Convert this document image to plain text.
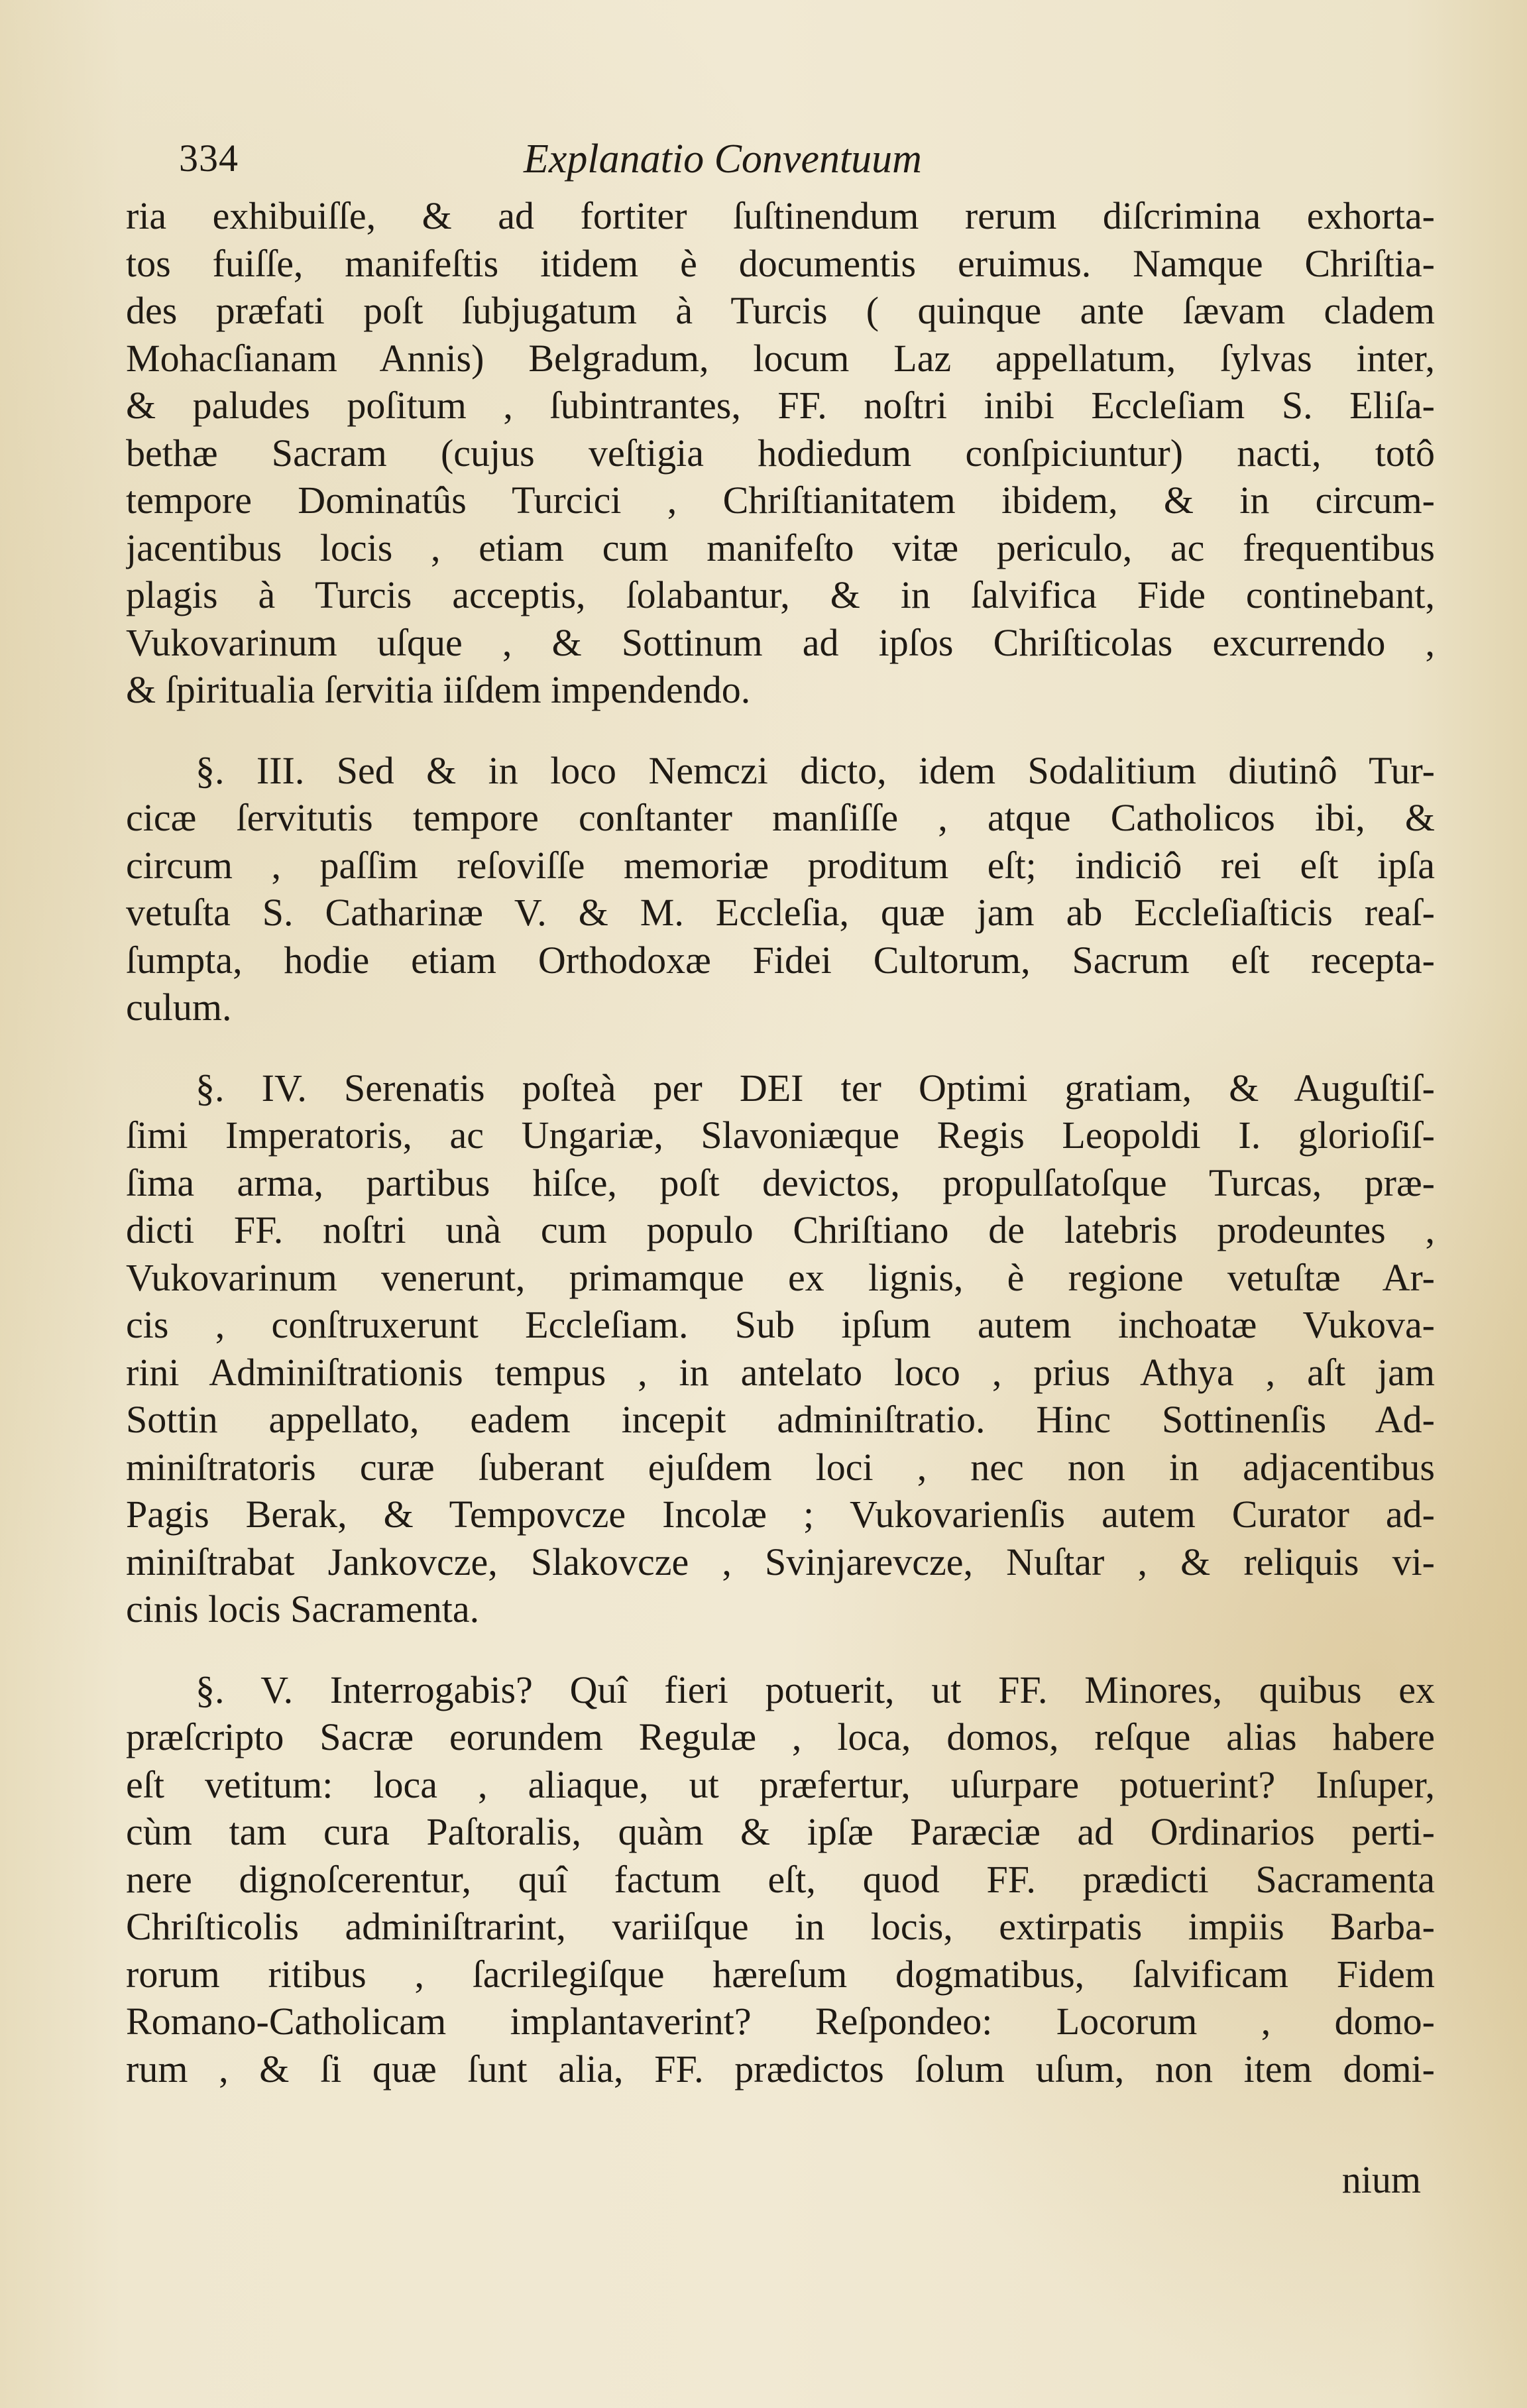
334	Explanatio Conventuum
ria exhibuiſſe, & ad fortiter ſuſtinendum rerum diſcrimina exhorta-
tos fuiſſe, manifeſtis itidem è documentis eruimus. Namque Chriſtia-
des præfati poſt ſubjugatum à Turcis ( quinque ante ſævam cladem
Mohacſianam Annis) Belgradum, locum Laz appellatum, ſylvas inter,
& paludes poſitum , ſubintrantes, FF. noſtri inibi Eccleſiam S. Eliſa-
bethæ Sacram (cujus veſtigia hodiedum conſpiciuntur) nacti, totô
tempore Dominatûs Turcici , Chriſtianitatem ibidem, & in circum-
jacentibus locis , etiam cum manifeſto vitæ periculo, ac frequentibus
plagis à Turcis acceptis, ſolabantur, & in ſalvifica Fide continebant,
Vukovarinum uſque , & Sottinum ad ipſos Chriſticolas excurrendo ,
& ſpiritualia ſervitia iiſdem impendendo.
§. III. Sed & in loco Nemczi dicto, idem Sodalitium diutinô Tur-
cicæ ſervitutis tempore conſtanter manſiſſe , atque Catholicos ibi, &
circum , paſſim reſoviſſe memoriæ proditum eſt; indiciô rei eſt ipſa
vetuſta S. Catharinæ V. & M. Eccleſia, quæ jam ab Eccleſiaſticis reaſ-
ſumpta, hodie etiam Orthodoxæ Fidei Cultorum, Sacrum eſt recepta-
culum.
§. IV. Serenatis poſteà per DEI ter Optimi gratiam, & Auguſtiſ-
ſimi Imperatoris, ac Ungariæ, Slavoniæque Regis Leopoldi I. glorioſiſ-
ſima arma, partibus hiſce, poſt devictos, propulſatoſque Turcas, præ-
dicti FF. noſtri unà cum populo Chriſtiano de latebris prodeuntes ,
Vukovarinum venerunt, primamque ex lignis, è regione vetuſtæ Ar-
cis , conſtruxerunt Eccleſiam. Sub ipſum autem inchoatæ Vukova-
rini Adminiſtrationis tempus , in antelato loco , prius Athya , aſt jam
Sottin appellato, eadem incepit adminiſtratio. Hinc Sottinenſis Ad-
miniſtratoris curæ ſuberant ejuſdem loci , nec non in adjacentibus
Pagis Berak, & Tempovcze Incolæ ; Vukovarienſis autem Curator ad-
miniſtrabat Jankovcze, Slakovcze , Svinjarevcze, Nuſtar , & reliquis vi-
cinis locis Sacramenta.
§. V. Interrogabis? Quî fieri potuerit, ut FF. Minores, quibus ex
præſcripto Sacræ eorundem Regulæ , loca, domos, reſque alias habere
eſt vetitum: loca , aliaque, ut præfertur, uſurpare potuerint? Inſuper,
cùm tam cura Paſtoralis, quàm & ipſæ Paræciæ ad Ordinarios perti-
nere dignoſcerentur, quî factum eſt, quod FF. prædicti Sacramenta
Chriſticolis adminiſtrarint, variiſque in locis, extirpatis impiis Barba-
rorum ritibus , ſacrilegiſque hæreſum dogmatibus, ſalvificam Fidem
Romano-Catholicam implantaverint? Reſpondeo: Locorum , domo-
rum , & ſi quæ ſunt alia, FF. prædictos ſolum uſum, non item domi-
nium
